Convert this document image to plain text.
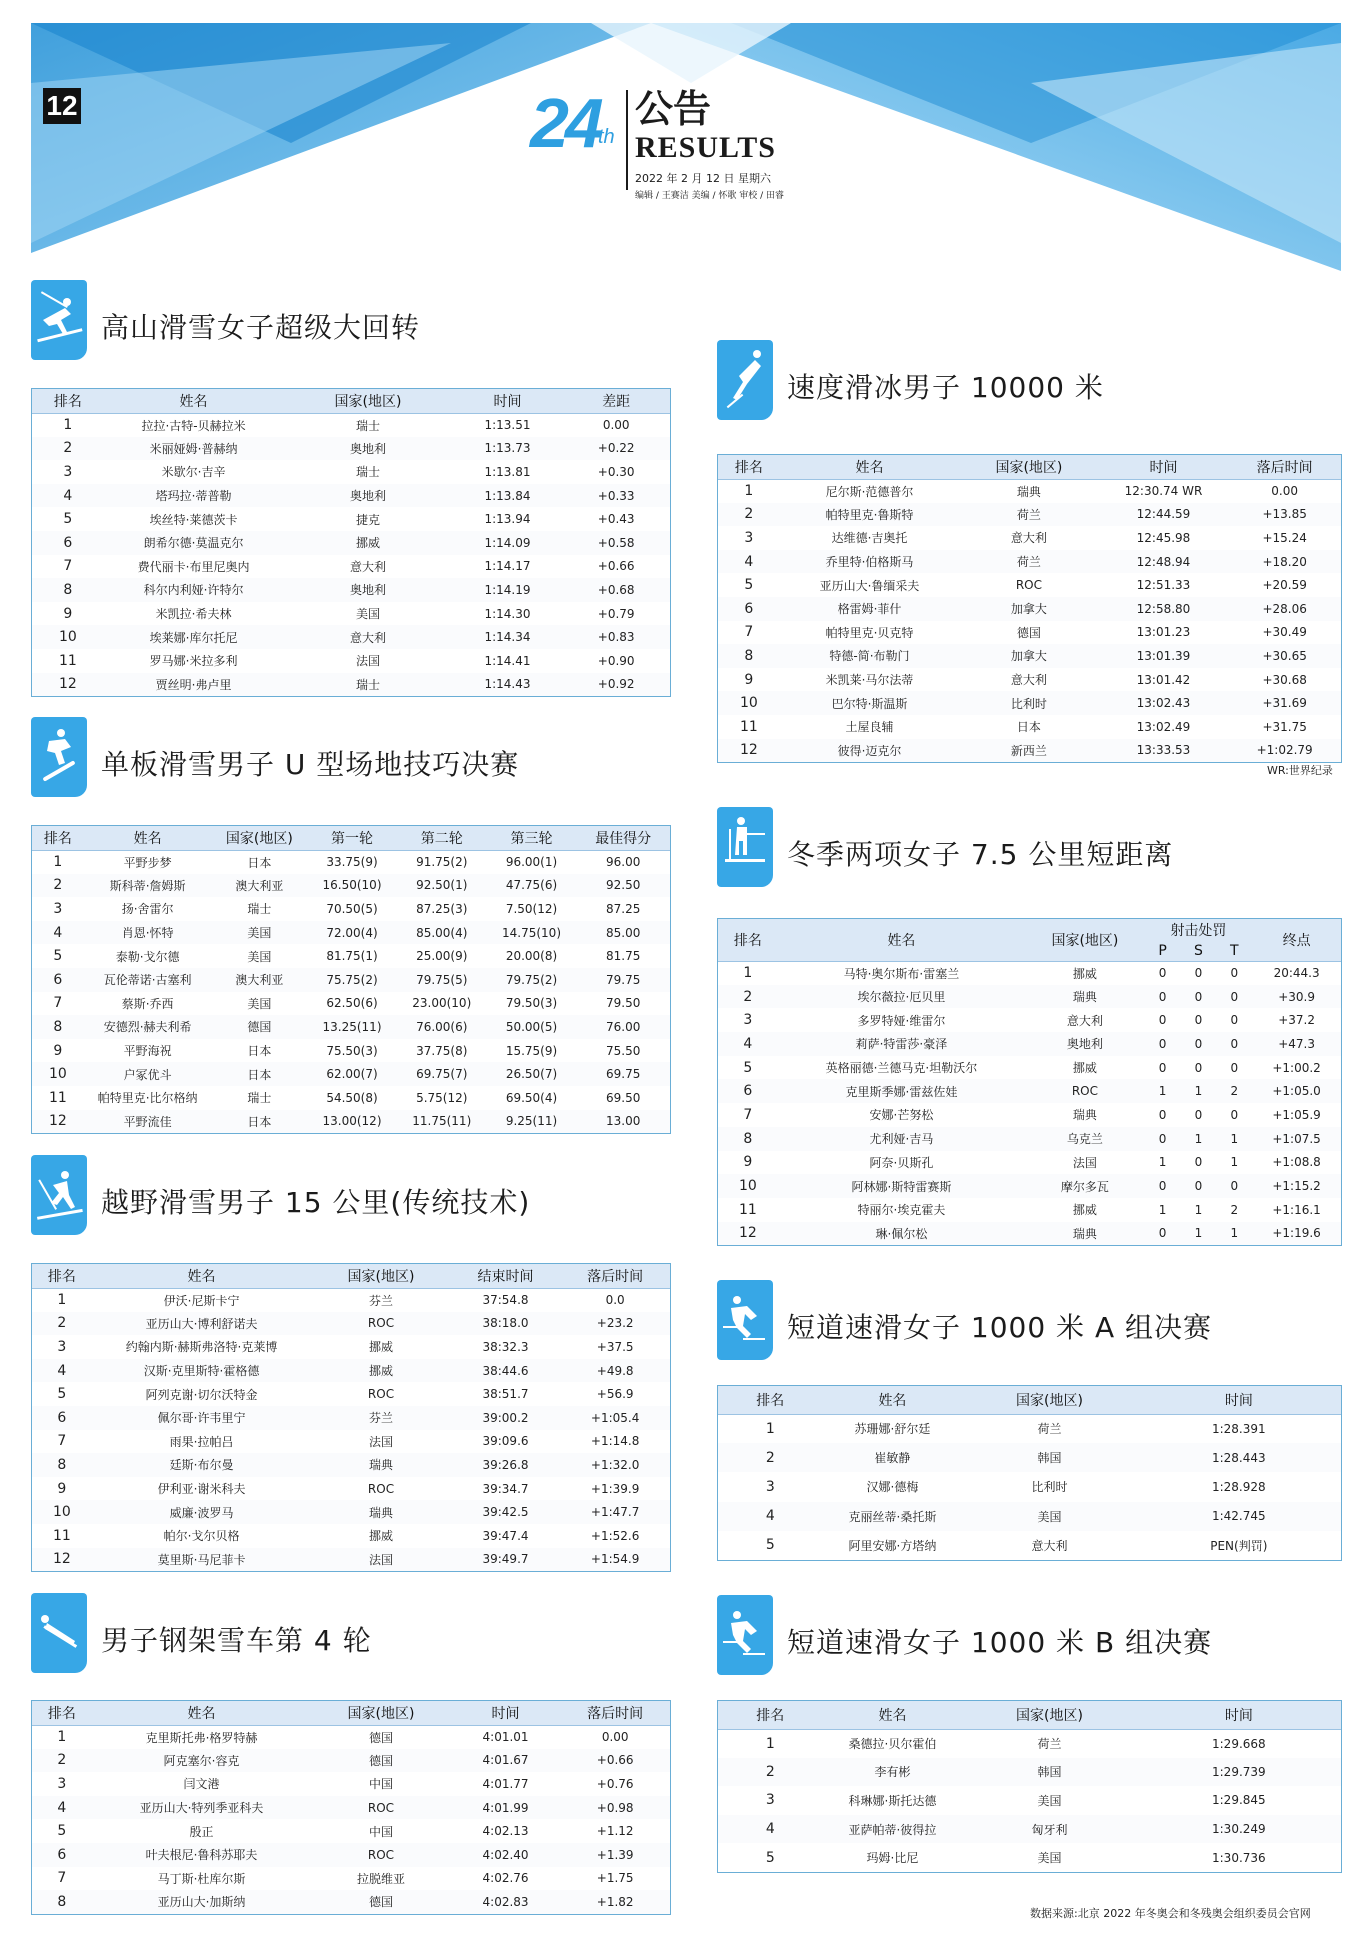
12	24
th
公告
RESULTS
2022 年 2 月 12 日 星期六
编辑 / 王赛洁 美编 / 怀歌 审校 / 田睿
高山滑雪女子超级大回转
排名	姓名	国家(地区)	时间	差距
1	拉拉·古特-贝赫拉米	瑞士	1:13.51	0.00
2	米丽娅姆·普赫纳	奥地利	1:13.73	+0.22
3	米歇尔·吉辛	瑞士	1:13.81	+0.30
4	塔玛拉·蒂普勒	奥地利	1:13.84	+0.33
5	埃丝特·莱德茨卡	捷克	1:13.94	+0.43
6	朗希尔德·莫温克尔	挪威	1:14.09	+0.58
7	费代丽卡·布里尼奥内	意大利	1:14.17	+0.66
8	科尔内利娅·许特尔	奥地利	1:14.19	+0.68
9	米凯拉·希夫林	美国	1:14.30	+0.79
10	埃莱娜·库尔托尼	意大利	1:14.34	+0.83
11	罗马娜·米拉多利	法国	1:14.41	+0.90
12	贾丝明·弗卢里	瑞士	1:14.43	+0.92
单板滑雪男子 U 型场地技巧决赛
排名	姓名	国家(地区)	第一轮	第二轮	第三轮	最佳得分
1	平野步梦	日本	33.75(9)	91.75(2)	96.00(1)	96.00
2	斯科蒂·詹姆斯	澳大利亚	16.50(10)	92.50(1)	47.75(6)	92.50
3	扬·舍雷尔	瑞士	70.50(5)	87.25(3)	7.50(12)	87.25
4	肖恩·怀特	美国	72.00(4)	85.00(4)	14.75(10)	85.00
5	泰勒·戈尔德	美国	81.75(1)	25.00(9)	20.00(8)	81.75
6	瓦伦蒂诺·古塞利	澳大利亚	75.75(2)	79.75(5)	79.75(2)	79.75
7	蔡斯·乔西	美国	62.50(6)	23.00(10)	79.50(3)	79.50
8	安德烈·赫夫利希	德国	13.25(11)	76.00(6)	50.00(5)	76.00
9	平野海祝	日本	75.50(3)	37.75(8)	15.75(9)	75.50
10	户冢优斗	日本	62.00(7)	69.75(7)	26.50(7)	69.75
11	帕特里克·比尔格纳	瑞士	54.50(8)	5.75(12)	69.50(4)	69.50
12	平野流佳	日本	13.00(12)	11.75(11)	9.25(11)	13.00
越野滑雪男子 15 公里(传统技术)
排名	姓名	国家(地区)	结束时间	落后时间
1	伊沃·尼斯卡宁	芬兰	37:54.8	0.0
2	亚历山大·博利舒诺夫	ROC	38:18.0	+23.2
3	约翰内斯·赫斯弗洛特·克莱博	挪威	38:32.3	+37.5
4	汉斯·克里斯特·霍格德	挪威	38:44.6	+49.8
5	阿列克谢·切尔沃特金	ROC	38:51.7	+56.9
6	佩尔哥·许韦里宁	芬兰	39:00.2	+1:05.4
7	雨果·拉帕吕	法国	39:09.6	+1:14.8
8	廷斯·布尔曼	瑞典	39:26.8	+1:32.0
9	伊利亚·谢米科夫	ROC	39:34.7	+1:39.9
10	威廉·波罗马	瑞典	39:42.5	+1:47.7
11	帕尔·戈尔贝格	挪威	39:47.4	+1:52.6
12	莫里斯·马尼菲卡	法国	39:49.7	+1:54.9
男子钢架雪车第 4 轮
排名	姓名	国家(地区)	时间	落后时间
1	克里斯托弗·格罗特赫	德国	4:01.01	0.00
2	阿克塞尔·容克	德国	4:01.67	+0.66
3	闫文港	中国	4:01.77	+0.76
4	亚历山大·特列季亚科夫	ROC	4:01.99	+0.98
5	殷正	中国	4:02.13	+1.12
6	叶夫根尼·鲁科苏耶夫	ROC	4:02.40	+1.39
7	马丁斯·杜库尔斯	拉脱维亚	4:02.76	+1.75
8	亚历山大·加斯纳	德国	4:02.83	+1.82
速度滑冰男子 10000 米
排名	姓名	国家(地区)	时间	落后时间
1	尼尔斯·范德普尔	瑞典	12:30.74 WR	0.00
2	帕特里克·鲁斯特	荷兰	12:44.59	+13.85
3	达维德·吉奥托	意大利	12:45.98	+15.24
4	乔里特·伯格斯马	荷兰	12:48.94	+18.20
5	亚历山大·鲁缅采夫	ROC	12:51.33	+20.59
6	格雷姆·菲什	加拿大	12:58.80	+28.06
7	帕特里克·贝克特	德国	13:01.23	+30.49
8	特德-简·布勒门	加拿大	13:01.39	+30.65
9	米凯莱·马尔法蒂	意大利	13:01.42	+30.68
10	巴尔特·斯温斯	比利时	13:02.43	+31.69
11	土屋良辅	日本	13:02.49	+31.75
12	彼得·迈克尔	新西兰	13:33.53	+1:02.79
WR:世界纪录
冬季两项女子 7.5 公里短距离
排名	姓名	国家(地区)	射击处罚			终点
			P	S	T	
1	马特·奥尔斯布·雷塞兰	挪威	0	0	0	20:44.3
2	埃尔薇拉·厄贝里	瑞典	0	0	0	+30.9
3	多罗特娅·维雷尔	意大利	0	0	0	+37.2
4	莉萨·特雷莎·豪泽	奥地利	0	0	0	+47.3
5	英格丽德·兰德马克·坦勒沃尔	挪威	0	0	0	+1:00.2
6	克里斯季娜·雷兹佐娃	ROC	1	1	2	+1:05.0
7	安娜·芒努松	瑞典	0	0	0	+1:05.9
8	尤利娅·吉马	乌克兰	0	1	1	+1:07.5
9	阿奈·贝斯孔	法国	1	0	1	+1:08.8
10	阿林娜·斯特雷赛斯	摩尔多瓦	0	0	0	+1:15.2
11	特丽尔·埃克霍夫	挪威	1	1	2	+1:16.1
12	琳·佩尔松	瑞典	0	1	1	+1:19.6
短道速滑女子 1000 米 A 组决赛
排名	姓名	国家(地区)	时间
1	苏珊娜·舒尔廷	荷兰	1:28.391
2	崔敏静	韩国	1:28.443
3	汉娜·德梅	比利时	1:28.928
4	克丽丝蒂·桑托斯	美国	1:42.745
5	阿里安娜·方塔纳	意大利	PEN(判罚)
短道速滑女子 1000 米 B 组决赛
排名	姓名	国家(地区)	时间
1	桑德拉·贝尔霍伯	荷兰	1:29.668
2	李有彬	韩国	1:29.739
3	科琳娜·斯托达德	美国	1:29.845
4	亚萨帕蒂·彼得拉	匈牙利	1:30.249
5	玛姆·比尼	美国	1:30.736
数据来源:北京 2022 年冬奥会和冬残奥会组织委员会官网
